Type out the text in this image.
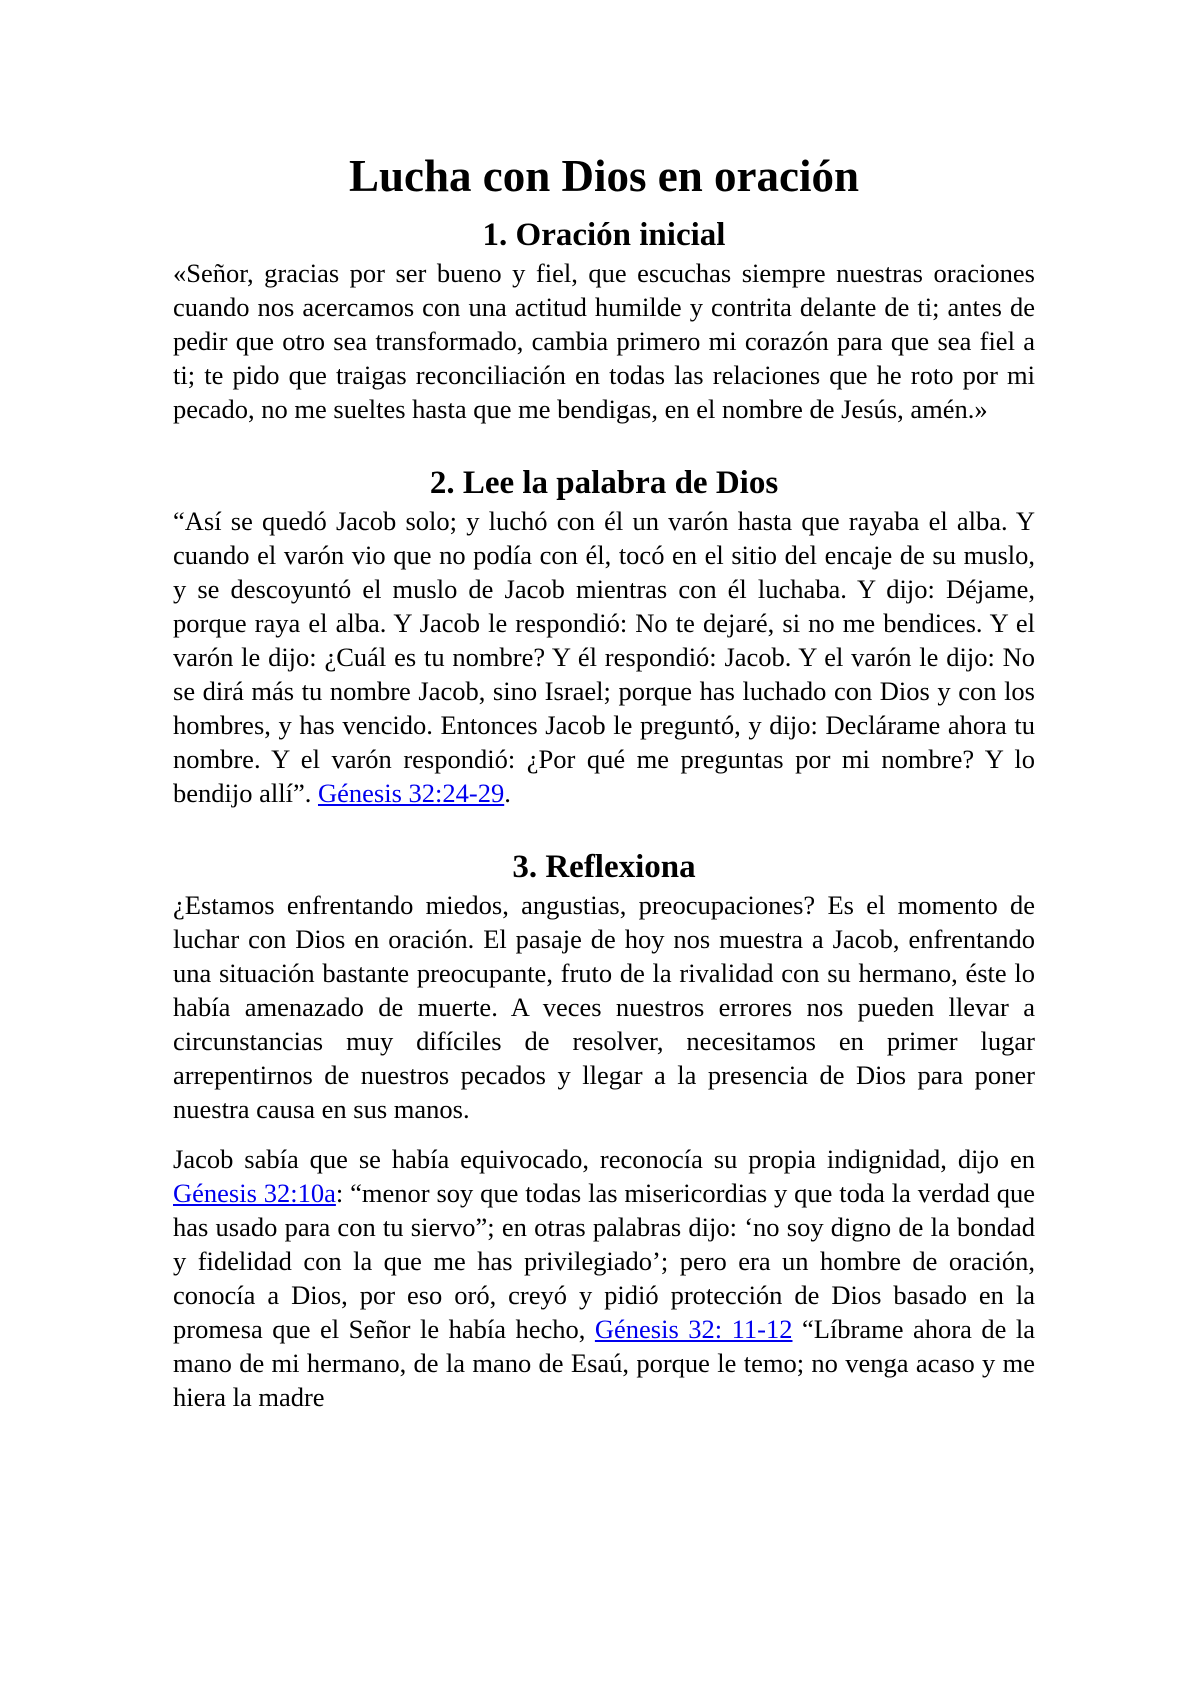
Lucha con Dios en oración
1. Oración inicial

«Señor, gracias por ser bueno y fiel, que escuchas siempre nuestras oraciones cuando nos acercamos con una actitud humilde y contrita delante de ti; antes de pedir que otro sea transformado, cambia primero mi corazón para que sea fiel a ti; te pido que traigas reconciliación en todas las relaciones que he roto por mi pecado, no me sueltes hasta que me bendigas, en el nombre de Jesús, amén.»

2. Lee la palabra de Dios

“Así se quedó Jacob solo; y luchó con él un varón hasta que rayaba el alba. Y cuando el varón vio que no podía con él, tocó en el sitio del encaje de su muslo, y se descoyuntó el muslo de Jacob mientras con él luchaba. Y dijo: Déjame, porque raya el alba. Y Jacob le respondió: No te dejaré, si no me bendices. Y el varón le dijo: ¿Cuál es tu nombre? Y él respondió: Jacob. Y el varón le dijo: No se dirá más tu nombre Jacob, sino Israel; porque has luchado con Dios y con los hombres, y has vencido. Entonces Jacob le preguntó, y dijo: Declárame ahora tu nombre. Y el varón respondió: ¿Por qué me preguntas por mi nombre? Y lo bendijo allí”. Génesis 32:24-29.

3. Reflexiona

¿Estamos enfrentando miedos, angustias, preocupaciones? Es el momento de luchar con Dios en oración. El pasaje de hoy nos muestra a Jacob, enfrentando una situación bastante preocupante, fruto de la rivalidad con su hermano, éste lo había amenazado de muerte. A veces nuestros errores nos pueden llevar a circunstancias muy difíciles de resolver, necesitamos en primer lugar arrepentirnos de nuestros pecados y llegar a la presencia de Dios para poner nuestra causa en sus manos.

Jacob sabía que se había equivocado, reconocía su propia indignidad, dijo en Génesis 32:10a: “menor soy que todas las misericordias y que toda la verdad que has usado para con tu siervo”; en otras palabras dijo: ‘no soy digno de la bondad y fidelidad con la que me has privilegiado’; pero era un hombre de oración, conocía a Dios, por eso oró, creyó y pidió protección de Dios basado en la promesa que el Señor le había hecho, Génesis 32: 11-12 “Líbrame ahora de la mano de mi hermano, de la mano de Esaú, porque le temo; no venga acaso y me hiera la madre
